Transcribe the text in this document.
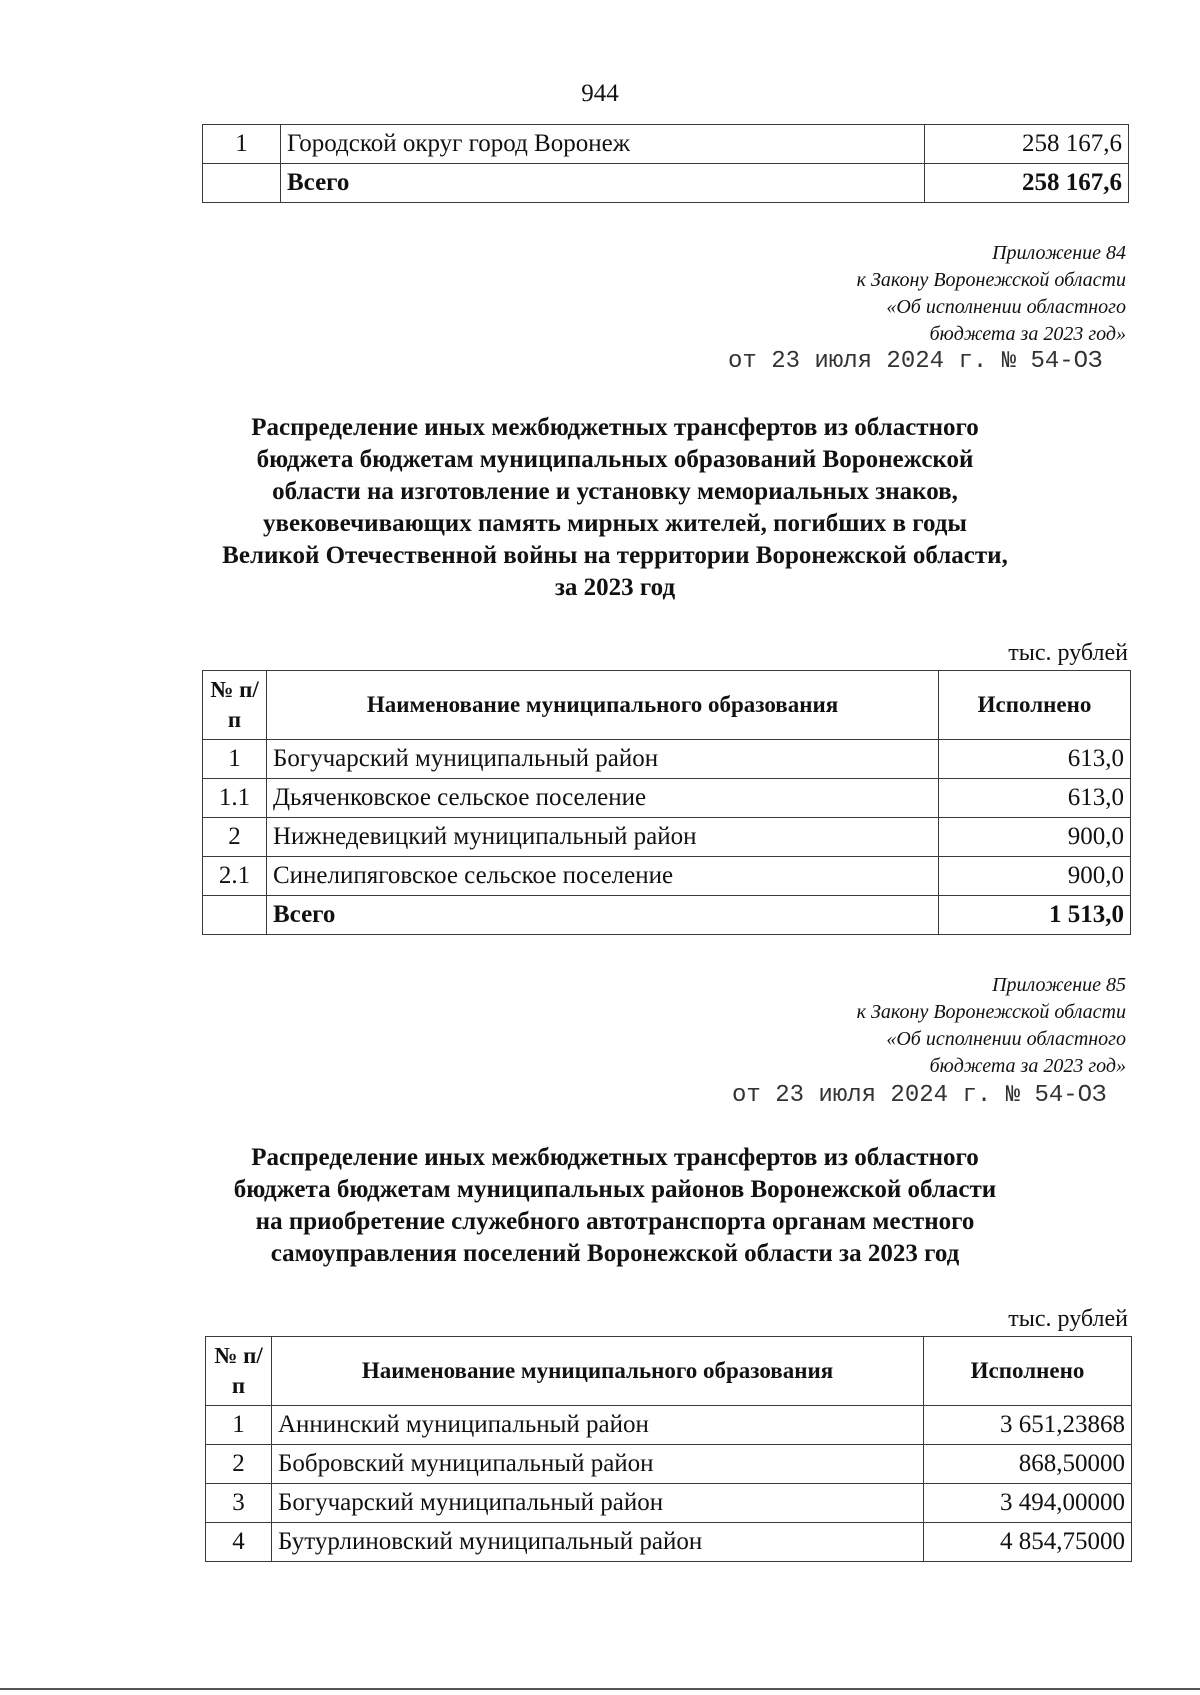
944
1	Городской округ город Воронеж	258 167,6
	Всего	258 167,6
Приложение 84
к Закону Воронежской области
«Об исполнении областного
бюджета за 2023 год»
от 23 июля 2024 г. № 54-ОЗ
Распределение иных межбюджетных трансфертов из областного
бюджета бюджетам муниципальных образований Воронежской
области на изготовление и установку мемориальных знаков,
увековечивающих память мирных жителей, погибших в годы
Великой Отечественной войны на территории Воронежской области,
за 2023 год
тыс. рублей
№ п/п	Наименование муниципального образования	Исполнено
1	Богучарский муниципальный район	613,0
1.1	Дьяченковское сельское поселение	613,0
2	Нижнедевицкий муниципальный район	900,0
2.1	Синелипяговское сельское поселение	900,0
	Всего	1 513,0
Приложение 85
к Закону Воронежской области
«Об исполнении областного
бюджета за 2023 год»
от 23 июля 2024 г. № 54-ОЗ
Распределение иных межбюджетных трансфертов из областного
бюджета бюджетам муниципальных районов Воронежской области
на приобретение служебного автотранспорта органам местного
самоуправления поселений Воронежской области за 2023 год
тыс. рублей
№ п/п	Наименование муниципального образования	Исполнено
1	Аннинский муниципальный район	3 651,23868
2	Бобровский муниципальный район	868,50000
3	Богучарский муниципальный район	3 494,00000
4	Бутурлиновский муниципальный район	4 854,75000
